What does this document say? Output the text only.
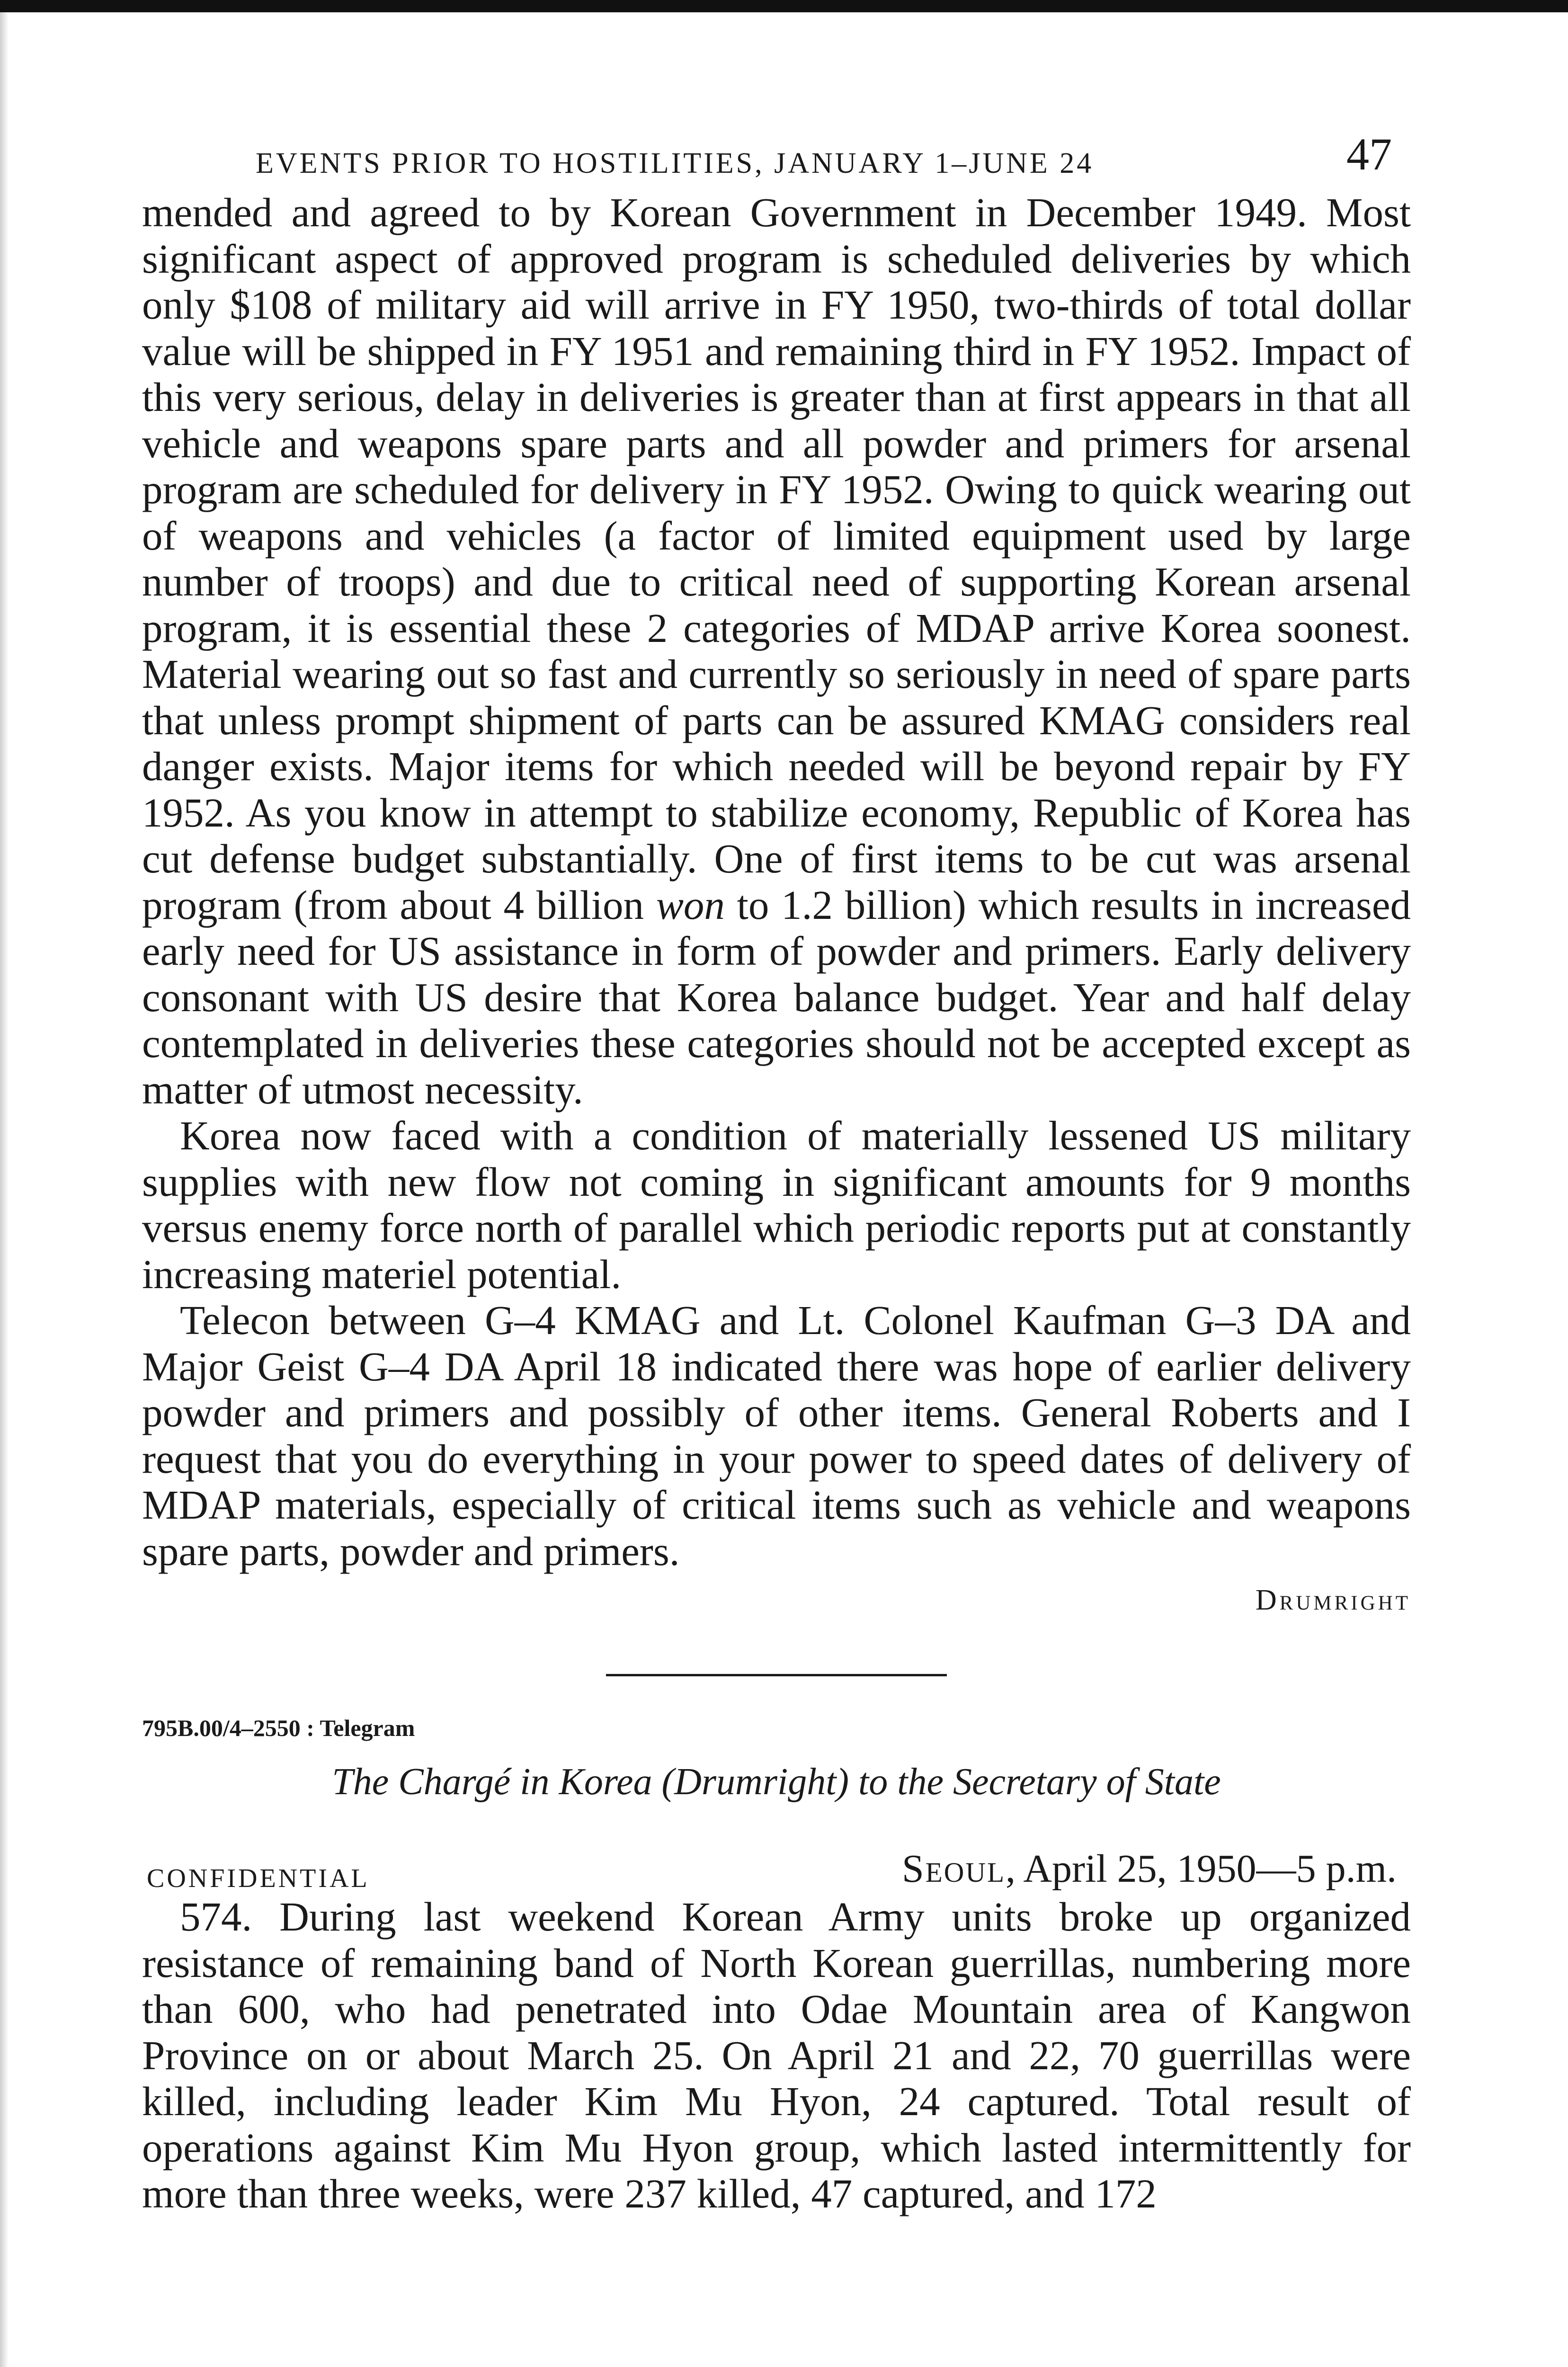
EVENTS PRIOR TO HOSTILITIES, JANUARY 1–JUNE 24	47

mended and agreed to by Korean Government in December 1949. Most significant aspect of approved program is scheduled deliveries by which only $108 of military aid will arrive in FY 1950, two-thirds of total dollar value will be shipped in FY 1951 and remaining third in FY 1952. Impact of this very serious, delay in deliveries is greater than at first appears in that all vehicle and weapons spare parts and all powder and primers for arsenal program are scheduled for delivery in FY 1952. Owing to quick wearing out of weapons and vehicles (a factor of limited equipment used by large number of troops) and due to critical need of supporting Korean arsenal program, it is essential these 2 categories of MDAP arrive Korea soonest. Material wearing out so fast and currently so seriously in need of spare parts that unless prompt shipment of parts can be assured KMAG considers real danger exists. Major items for which needed will be beyond repair by FY 1952. As you know in attempt to stabilize economy, Republic of Korea has cut defense budget substantially. One of first items to be cut was arsenal program (from about 4 billion won to 1.2 billion) which results in increased early need for US assistance in form of powder and primers. Early delivery consonant with US desire that Korea balance budget. Year and half delay contemplated in deliveries these categories should not be accepted except as matter of utmost necessity.

Korea now faced with a condition of materially lessened US military supplies with new flow not coming in significant amounts for 9 months versus enemy force north of parallel which periodic reports put at constantly increasing materiel potential.

Telecon between G–4 KMAG and Lt. Colonel Kaufman G–3 DA and Major Geist G–4 DA April 18 indicated there was hope of earlier delivery powder and primers and possibly of other items. General Roberts and I request that you do everything in your power to speed dates of delivery of MDAP materials, especially of critical items such as vehicle and weapons spare parts, powder and primers.

Drumright
795B.00/4–2550 : Telegram
The Chargé in Korea (Drumright) to the Secretary of State
CONFIDENTIAL	Seoul, April 25, 1950—5 p.m.

574. During last weekend Korean Army units broke up organized resistance of remaining band of North Korean guerrillas, numbering more than 600, who had penetrated into Odae Mountain area of Kangwon Province on or about March 25. On April 21 and 22, 70 guerrillas were killed, including leader Kim Mu Hyon, 24 captured. Total result of operations against Kim Mu Hyon group, which lasted intermittently for more than three weeks, were 237 killed, 47 captured, and 172
